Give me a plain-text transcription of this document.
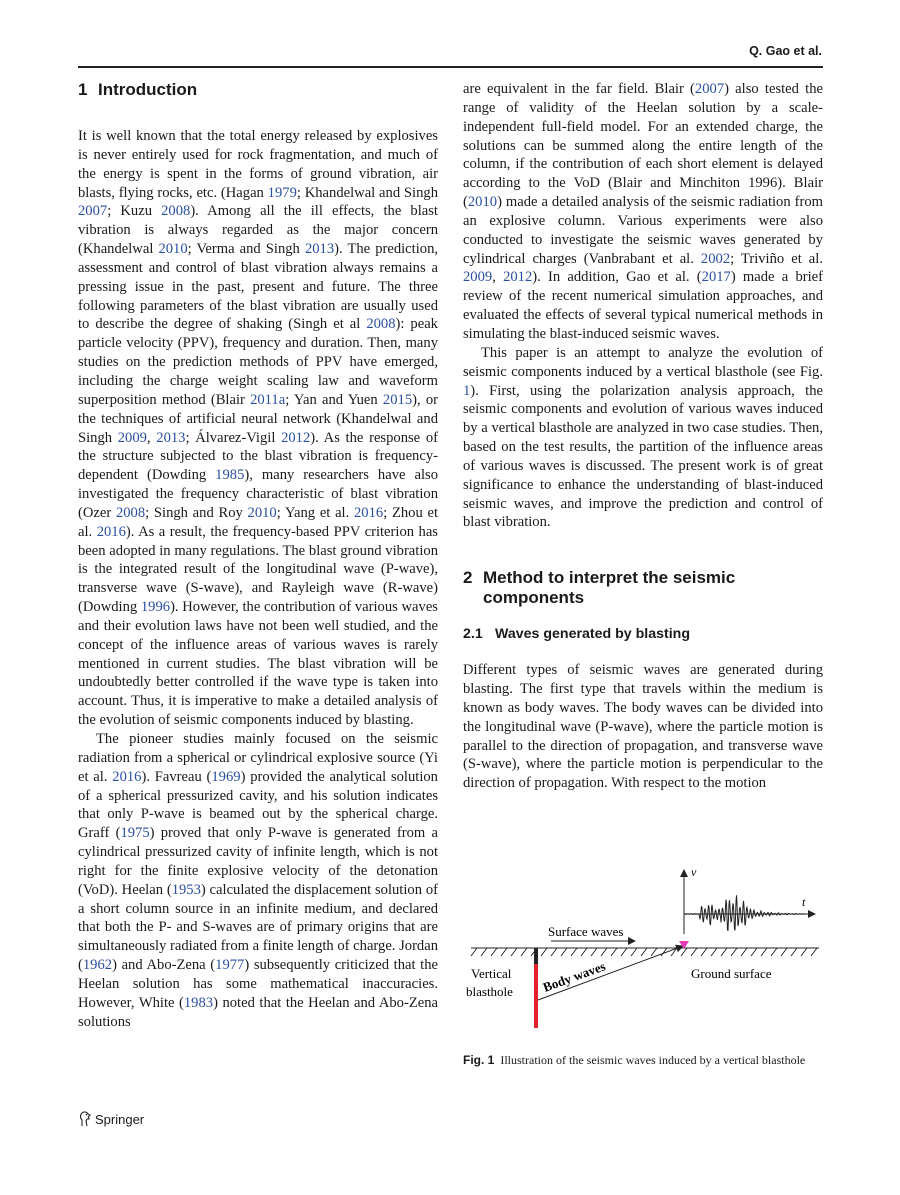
Q. Gao et al.
1 Introduction

It is well known that the total energy released by explosives is never entirely used for rock fragmentation, and much of the energy is spent in the forms of ground vibration, air blasts, flying rocks, etc. (Hagan 1979; Khandelwal and Singh 2007; Kuzu 2008). Among all the ill effects, the blast vibration is always regarded as the major concern (Khandelwal 2010; Verma and Singh 2013). The prediction, assessment and control of blast vibration always remains a pressing issue in the past, present and future. The three following parameters of the blast vibration are usually used to describe the degree of shaking (Singh et al 2008): peak particle velocity (PPV), frequency and duration. Then, many studies on the prediction methods of PPV have emerged, including the charge weight scaling law and waveform superposition method (Blair 2011a; Yan and Yuen 2015), or the techniques of artificial neural network (Khandelwal and Singh 2009, 2013; Álvarez-Vigil 2012). As the response of the structure subjected to the blast vibration is frequency-dependent (Dowding 1985), many researchers have also investigated the frequency characteristic of blast vibration (Ozer 2008; Singh and Roy 2010; Yang et al. 2016; Zhou et al. 2016). As a result, the frequency-based PPV criterion has been adopted in many regulations. The blast ground vibration is the integrated result of the longitudinal wave (P-wave), transverse wave (S-wave), and Rayleigh wave (R-wave) (Dowding 1996). However, the contribution of various waves and their evolution laws have not been well studied, and the concept of the influence areas of various waves is rarely mentioned in current studies. The blast vibration will be undoubtedly better controlled if the wave type is taken into account. Thus, it is imperative to make a detailed analysis of the evolution of seismic components induced by blasting.

The pioneer studies mainly focused on the seismic radiation from a spherical or cylindrical explosive source (Yi et al. 2016). Favreau (1969) provided the analytical solution of a spherical pressurized cavity, and his solution indicates that only P-wave is beamed out by the spherical charge. Graff (1975) proved that only P-wave is generated from a cylindrical pressurized cavity of infinite length, which is not right for the finite explosive velocity of the detonation (VoD). Heelan (1953) calculated the displacement solution of a short column source in an infinite medium, and declared that both the P- and S-waves are of primary origins that are simultaneously radiated from a finite length of charge. Jordan (1962) and Abo-Zena (1977) subsequently criticized that the Heelan solution has some mathematical inaccuracies. However, White (1983) noted that the Heelan and Abo-Zena solutions

are equivalent in the far field. Blair (2007) also tested the range of validity of the Heelan solution by a scale-independent full-field model. For an extended charge, the solutions can be summed along the entire length of the column, if the contribution of each short element is delayed according to the VoD (Blair and Minchiton 1996). Blair (2010) made a detailed analysis of the seismic radiation from an explosive column. Various experiments were also conducted to investigate the seismic waves generated by cylindrical charges (Vanbrabant et al. 2002; Triviño et al. 2009, 2012). In addition, Gao et al. (2017) made a brief review of the recent numerical simulation approaches, and evaluated the effects of several typical numerical methods in simulating the blast-induced seismic waves.

This paper is an attempt to analyze the evolution of seismic components induced by a vertical blasthole (see Fig. 1). First, using the polarization analysis approach, the seismic components and evolution of various waves induced by a vertical blasthole are analyzed in two case studies. Then, based on the test results, the partition of the influence areas of various waves is discussed. The present work is of great significance to enhance the understanding of blast-induced seismic waves, and improve the prediction and control of blast vibration.

2 Method to interpret the seismic components
2.1 Waves generated by blasting

Different types of seismic waves are generated during blasting. The first type that travels within the medium is known as body waves. The body waves can be divided into the longitudinal wave (P-wave), where the particle motion is parallel to the direction of propagation, and transverse wave (S-wave), where the particle motion is perpendicular to the direction of propagation. With respect to the motion

v
t
Surface waves
Vertical
blasthole Body waves	Ground surface
Fig. 1 Illustration of the seismic waves induced by a vertical blasthole
Springer
